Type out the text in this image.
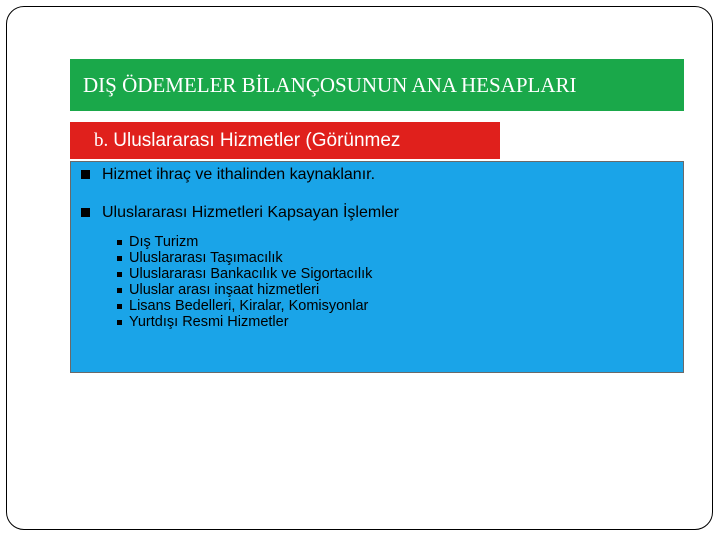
DIŞ ÖDEMELER BİLANÇOSUNUN ANA HESAPLARI
b. Uluslararası Hizmetler (Görünmez
Hizmet ihraç ve ithalinden kaynaklanır.
Uluslararası Hizmetleri Kapsayan İşlemler
Dış Turizm
Uluslararası Taşımacılık
Uluslararası Bankacılık ve Sigortacılık
Uluslar arası inşaat hizmetleri
Lisans Bedelleri, Kiralar, Komisyonlar
Yurtdışı Resmi Hizmetler
